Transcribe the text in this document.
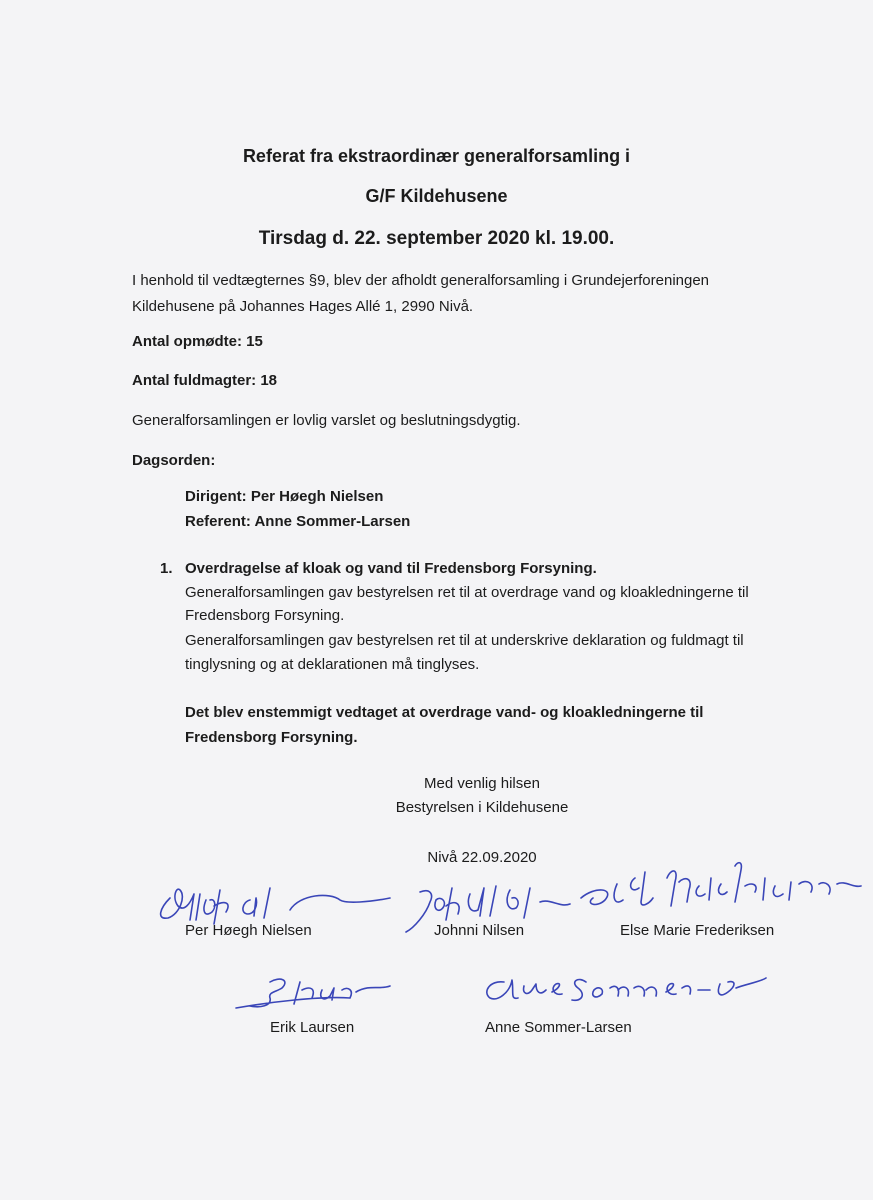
Referat fra ekstraordinær generalforsamling i
G/F Kildehusene
Tirsdag d. 22. september 2020 kl. 19.00.
I henhold til vedtægternes §9, blev der afholdt generalforsamling i Grundejerforeningen
Kildehusene på Johannes Hages Allé 1, 2990 Nivå.
Antal opmødte: 15
Antal fuldmagter: 18
Generalforsamlingen er lovlig varslet og beslutningsdygtig.
Dagsorden:
Dirigent: Per Høegh Nielsen
Referent: Anne Sommer-Larsen
1. Overdragelse af kloak og vand til Fredensborg Forsyning.
Generalforsamlingen gav bestyrelsen ret til at overdrage vand og kloakledningerne til
Fredensborg Forsyning.
Generalforsamlingen gav bestyrelsen ret til at underskrive deklaration og fuldmagt til
tinglysning og at deklarationen må tinglyses.
Det blev enstemmigt vedtaget at overdrage vand- og kloakledningerne til
Fredensborg Forsyning.
Med venlig hilsen
Bestyrelsen i Kildehusene
Nivå 22.09.2020
Per Høegh Nielsen	Johnni Nilsen	Else Marie Frederiksen
Erik Laursen	Anne Sommer-Larsen
